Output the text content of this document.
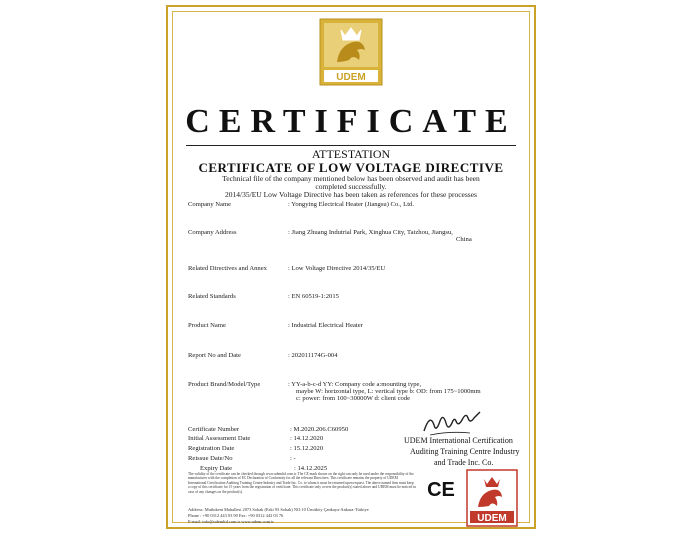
UDEM
CERTIFICATE
ATTESTATION
CERTIFICATE OF LOW VOLTAGE DIRECTIVE
Technical file of the company mentioned below has been observed and audit has been
completed successfully.
2014/35/EU Low Voltage Directive has been taken as references for these processes
Company Name	: Yongying Electrical Heater (Jiangsu) Co., Ltd.
Company Address	: Jiang Zhuang Indutrial Park, Xinghua City, Taizhou, Jiangsu,
China
Related Directives and Annex	: Low Voltage Directive 2014/35/EU
Related Standards	: EN 60519-1:2015
Product Name	: Industrial Electrical Heater
Report No and Date	: 202011174G-004
Product Brand/Model/Type	: YY-a-b-c-d YY: Company code a:mounting type,
maybe W: horizontal type, L: vertical type b: OD: from 175~1000mm
c: power: from 100~30000W d: client code
Certificate Number	: M.2020.206.C60950
Initial Assessment Date	: 14.12.2020
Registration Date	: 15.12.2020
Reissue Date/No	: -
Expiry Date	: 14.12.2025
UDEM International Certification
Auditing Training Centre Industry
and Trade Inc. Co.
The validity of the certificate can be checked through www.udemltd.com.tr. The CE mark shown on the right can only be used under the responsibility of the manufacturer with the completion of EC Declaration of Conformity for all the relevant Directives. This certificate remains the property of UDEM International Certification Auditing Training Centre Industry and Trade Inc. Co. to whom it must be returned upon request. The above named firm must keep a copy of this certificate for 15 years from the registration of certificate. This certificate only covers the product(s) stated above and UDEM must be noticed in case of any changes on the product(s).
Address: Mutlukent Mahallesi 2073 Sokak (Eski 93 Sokak) NO:10 Ümitköy Çankaya-Ankara-Türkiye
Phone : +90 0312 443 03 90 Fax: +90 0312 443 03 76
E-mail: info@udemltd.com.tr www.udem.com.tr
CE
UDEM
